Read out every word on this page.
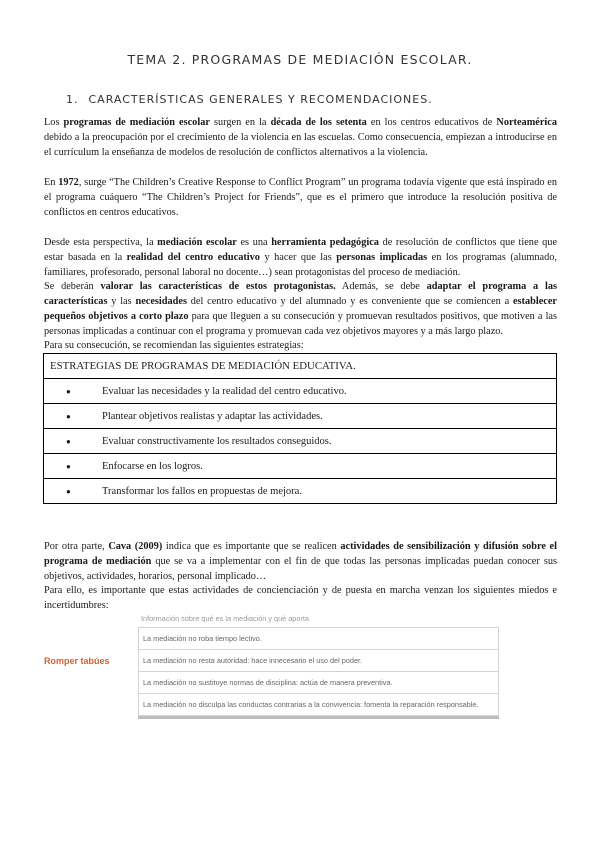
TEMA 2. PROGRAMAS DE MEDIACIÓN ESCOLAR.
1. CARACTERÍSTICAS GENERALES Y RECOMENDACIONES.

Los programas de mediación escolar surgen en la década de los setenta en los centros educativos de Norteamérica debido a la preocupación por el crecimiento de la violencia en las escuelas. Como consecuencia, empiezan a introducirse en el currículum la enseñanza de modelos de resolución de conflictos alternativos a la violencia.

En 1972, surge “The Children’s Creative Response to Conflict Program” un programa todavía vigente que está inspirado en el programa cuáquero “The Children’s Project for Friends”, que es el primero que introduce la resolución positiva de conflictos en centros educativos.

Desde esta perspectiva, la mediación escolar es una herramienta pedagógica de resolución de conflictos que tiene que estar basada en la realidad del centro educativo y hacer que las personas implicadas en los programas (alumnado, familiares, profesorado, personal laboral no docente…) sean protagonistas del proceso de mediación.

Se deberán valorar las características de estos protagonistas. Además, se debe adaptar el programa a las características y las necesidades del centro educativo y del alumnado y es conveniente que se comiencen a establecer pequeños objetivos a corto plazo para que lleguen a su consecución y promuevan resultados positivos, que motiven a las personas implicadas a continuar con el programa y promuevan cada vez objetivos mayores y a más largo plazo.

Para su consecución, se recomiendan las siguientes estrategias:

ESTRATEGIAS DE PROGRAMAS DE MEDIACIÓN EDUCATIVA.
●	Evaluar las necesidades y la realidad del centro educativo.
●	Plantear objetivos realistas y adaptar las actividades.
●	Evaluar constructivamente los resultados conseguidos.
●	Enfocarse en los logros.
●	Transformar los fallos en propuestas de mejora.

Por otra parte, Cava (2009) indica que es importante que se realicen actividades de sensibilización y difusión sobre el programa de mediación que se va a implementar con el fin de que todas las personas implicadas puedan conocer sus objetivos, actividades, horarios, personal implicado…

Para ello, es importante que estas actividades de concienciación y de puesta en marcha venzan los siguientes miedos e incertidumbres:

Romper tabúes
Información sobre qué es la mediación y qué aporta
La mediación no roba tiempo lectivo.
La mediación no resta autoridad: hace innecesario el uso del poder.
La mediación no sustituye normas de disciplina: actúa de manera preventiva.
La mediación no disculpa las conductas contrarias a la convivencia: fomenta la reparación responsable.
